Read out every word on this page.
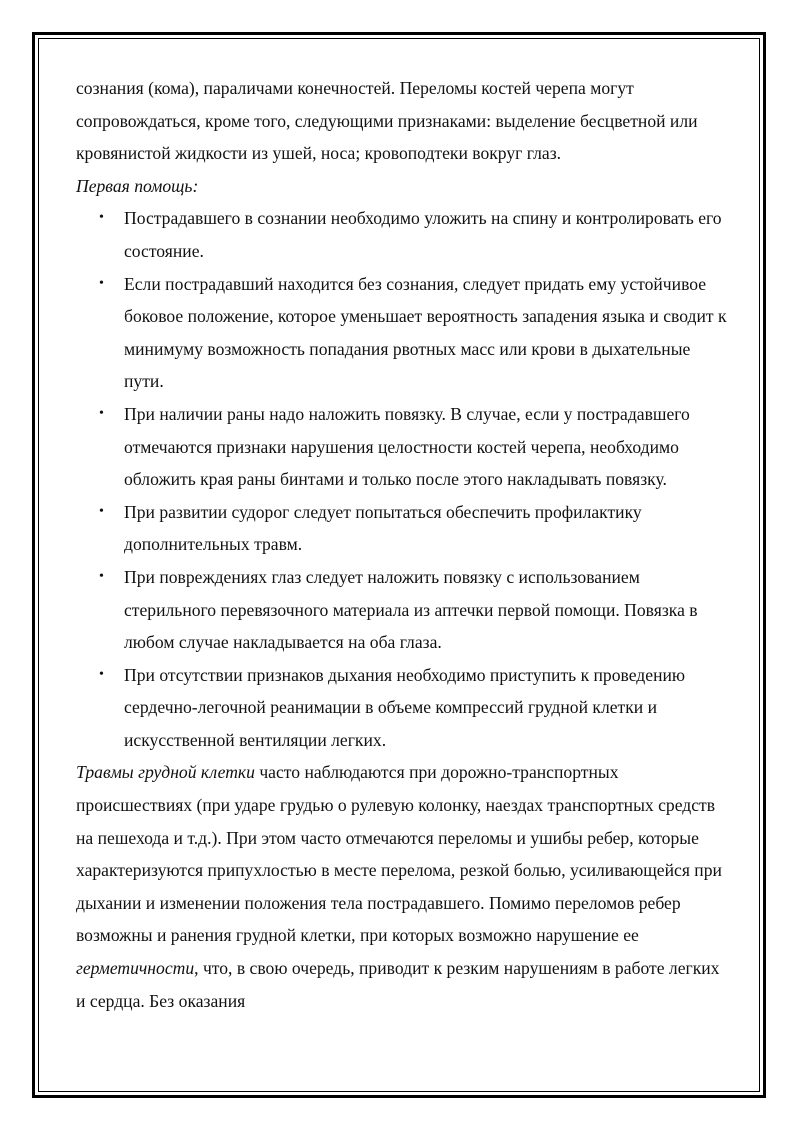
сознания (кома), параличами конечностей. Переломы костей черепа могут сопровождаться, кроме того, следующими признаками: выделение бесцветной или кровянистой жидкости из ушей, носа; кровоподтеки вокруг глаз.

Первая помощь:

• Пострадавшего в сознании необходимо уложить на спину и контролировать его состояние.
• Если пострадавший находится без сознания, следует придать ему устойчивое боковое положение, которое уменьшает вероятность западения языка и сводит к минимуму возможность попадания рвотных масс или крови в дыхательные пути.
• При наличии раны надо наложить повязку. В случае, если у пострадавшего отмечаются признаки нарушения целостности костей черепа, необходимо обложить края раны бинтами и только после этого накладывать повязку.
• При развитии судорог следует попытаться обеспечить профилактику дополнительных травм.
• При повреждениях глаз следует наложить повязку с использованием стерильного перевязочного материала из аптечки первой помощи. Повязка в любом случае накладывается на оба глаза.
• При отсутствии признаков дыхания необходимо приступить к проведению сердечно-легочной реанимации в объеме компрессий грудной клетки и искусственной вентиляции легких.

Травмы грудной клетки часто наблюдаются при дорожно-транспортных происшествиях (при ударе грудью о рулевую колонку, наездах транспортных средств на пешехода и т.д.). При этом часто отмечаются переломы и ушибы ребер, которые характеризуются припухлостью в месте перелома, резкой болью, усиливающейся при дыхании и изменении положения тела пострадавшего. Помимо переломов ребер возможны и ранения грудной клетки, при которых возможно нарушение ее герметичности, что, в свою очередь, приводит к резким нарушениям в работе легких и сердца. Без оказания
